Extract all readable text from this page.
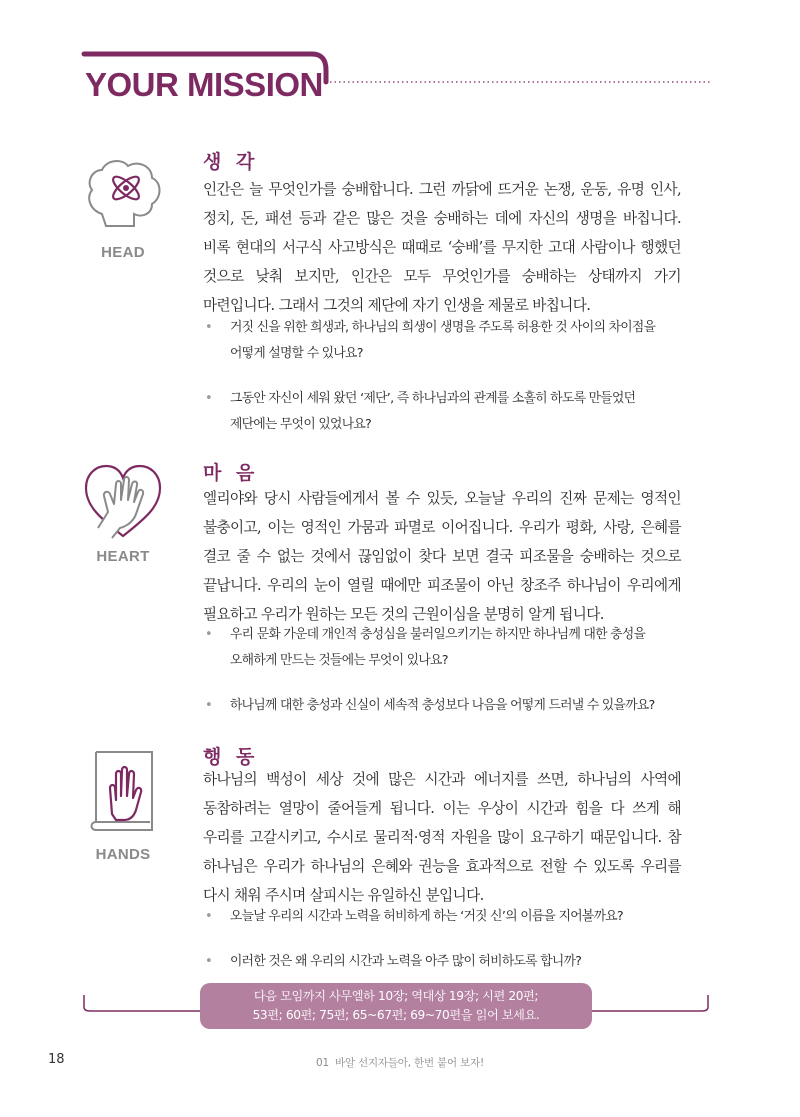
YOUR MISSION
HEAD
생 각
인간은 늘 무엇인가를 숭배합니다. 그런 까닭에 뜨거운 논쟁, 운동, 유명 인사, 정치, 돈, 패션 등과 같은 많은 것을 숭배하는 데에 자신의 생명을 바칩니다. 비록 현대의 서구식 사고방식은 때때로 ‘숭배’를 무지한 고대 사람이나 행했던 것으로 낮춰 보지만, 인간은 모두 무엇인가를 숭배하는 상태까지 가기 마련입니다. 그래서 그것의 제단에 자기 인생을 제물로 바칩니다.
• 거짓 신을 위한 희생과, 하나님의 희생이 생명을 주도록 허용한 것 사이의 차이점을 어떻게 설명할 수 있나요?
• 그동안 자신이 세워 왔던 ‘제단’, 즉 하나님과의 관계를 소홀히 하도록 만들었던 제단에는 무엇이 있었나요?
HEART
마 음
엘리야와 당시 사람들에게서 볼 수 있듯, 오늘날 우리의 진짜 문제는 영적인 불충이고, 이는 영적인 가뭄과 파멸로 이어집니다. 우리가 평화, 사랑, 은혜를 결코 줄 수 없는 것에서 끊임없이 찾다 보면 결국 피조물을 숭배하는 것으로 끝납니다. 우리의 눈이 열릴 때에만 피조물이 아닌 창조주 하나님이 우리에게 필요하고 우리가 원하는 모든 것의 근원이심을 분명히 알게 됩니다.
• 우리 문화 가운데 개인적 충성심을 불러일으키기는 하지만 하나님께 대한 충성을 오해하게 만드는 것들에는 무엇이 있나요?
• 하나님께 대한 충성과 신실이 세속적 충성보다 나음을 어떻게 드러낼 수 있을까요?
HANDS
행 동
하나님의 백성이 세상 것에 많은 시간과 에너지를 쓰면, 하나님의 사역에 동참하려는 열망이 줄어들게 됩니다. 이는 우상이 시간과 힘을 다 쓰게 해 우리를 고갈시키고, 수시로 물리적·영적 자원을 많이 요구하기 때문입니다. 참 하나님은 우리가 하나님의 은혜와 권능을 효과적으로 전할 수 있도록 우리를 다시 채워 주시며 살피시는 유일하신 분입니다.
• 오늘날 우리의 시간과 노력을 허비하게 하는 ‘거짓 신’의 이름을 지어볼까요?
• 이러한 것은 왜 우리의 시간과 노력을 아주 많이 허비하도록 합니까?
다음 모임까지 사무엘하 10장; 역대상 19장; 시편 20편;
53편; 60편; 75편; 65~67편; 69~70편을 읽어 보세요.
18	01 바알 선지자들아, 한번 붙어 보자!
